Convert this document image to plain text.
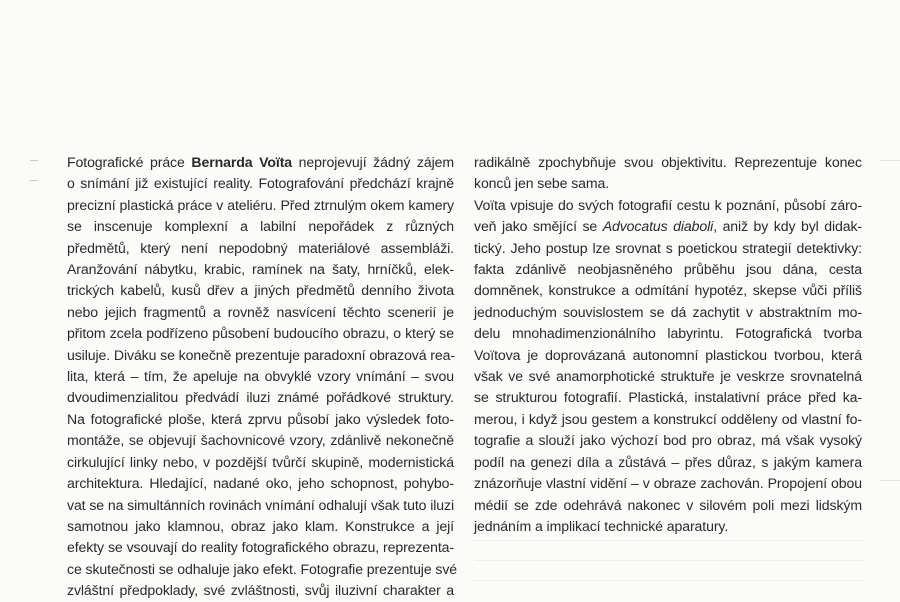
Fotografické práce Bernarda Voïta neprojevují žádný zájem
o snímání již existující reality. Fotografování předchází krajně
precizní plastická práce v ateliéru. Před ztrnulým okem kamery
se inscenuje komplexní a labilní nepořádek z různých
předmětů, který není nepodobný materiálové assembláži.
Aranžování nábytku, krabic, ramínek na šaty, hrníčků, elek-
trických kabelů, kusů dřev a jiných předmětů denního života
nebo jejich fragmentů a rovněž nasvícení těchto scenerií je
přitom zcela podřízeno působení budoucího obrazu, o který se
usiluje. Diváku se konečně prezentuje paradoxní obrazová rea-
lita, která – tím, že apeluje na obvyklé vzory vnímání – svou
dvoudimenzialitou předvádí iluzi známé pořádkové struktury.
Na fotografické ploše, která zprvu působí jako výsledek foto-
montáže, se objevují šachovnicové vzory, zdánlivě nekonečně
cirkulující linky nebo, v pozdější tvůrčí skupině, modernistická
architektura. Hledající, nadané oko, jeho schopnost, pohybo-
vat se na simultánních rovinách vnímání odhalují však tuto iluzi
samotnou jako klamnou, obraz jako klam. Konstrukce a její
efekty se vsouvají do reality fotografického obrazu, reprezenta-
ce skutečnosti se odhaluje jako efekt. Fotografie prezentuje své
zvláštní předpoklady, své zvláštnosti, svůj iluzivní charakter a
radikálně zpochybňuje svou objektivitu. Reprezentuje konec
konců jen sebe sama.
Voïta vpisuje do svých fotografií cestu k poznání, působí záro-
veň jako smějící se Advocatus diaboli, aniž by kdy byl didak-
tický. Jeho postup lze srovnat s poetickou strategií detektivky:
fakta zdánlivě neobjasněného průběhu jsou dána, cesta
domněnek, konstrukce a odmítání hypotéz, skepse vůči příliš
jednoduchým souvislostem se dá zachytit v abstraktním mo-
delu mnohadimenzionálního labyrintu. Fotografická tvorba
Voïtova je doprovázaná autonomní plastickou tvorbou, která
však ve své anamorphotické struktuře je veskrze srovnatelná
se strukturou fotografií. Plastická, instalativní práce před ka-
merou, i když jsou gestem a konstrukcí odděleny od vlastní fo-
tografie a slouží jako výchozí bod pro obraz, má však vysoký
podíl na genezi díla a zůstává – přes důraz, s jakým kamera
znázorňuje vlastní vidění – v obraze zachován. Propojení obou
médií se zde odehrává nakonec v silovém poli mezi lidským
jednáním a implikací technické aparatury.
